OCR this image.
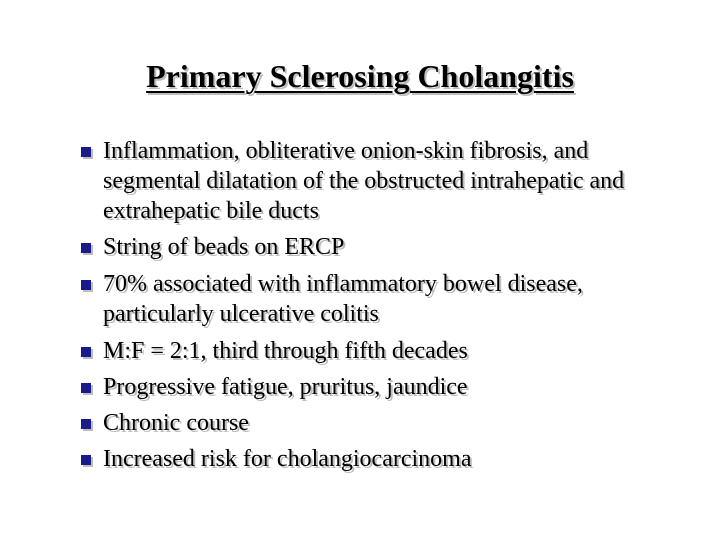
Primary Sclerosing Cholangitis
Inflammation, obliterative onion-skin fibrosis, and segmental dilatation of the obstructed intrahepatic and extrahepatic bile ducts
String of beads on ERCP
70% associated with inflammatory bowel disease, particularly ulcerative colitis
M:F = 2:1, third through fifth decades
Progressive fatigue, pruritus, jaundice
Chronic course
Increased risk for cholangiocarcinoma
